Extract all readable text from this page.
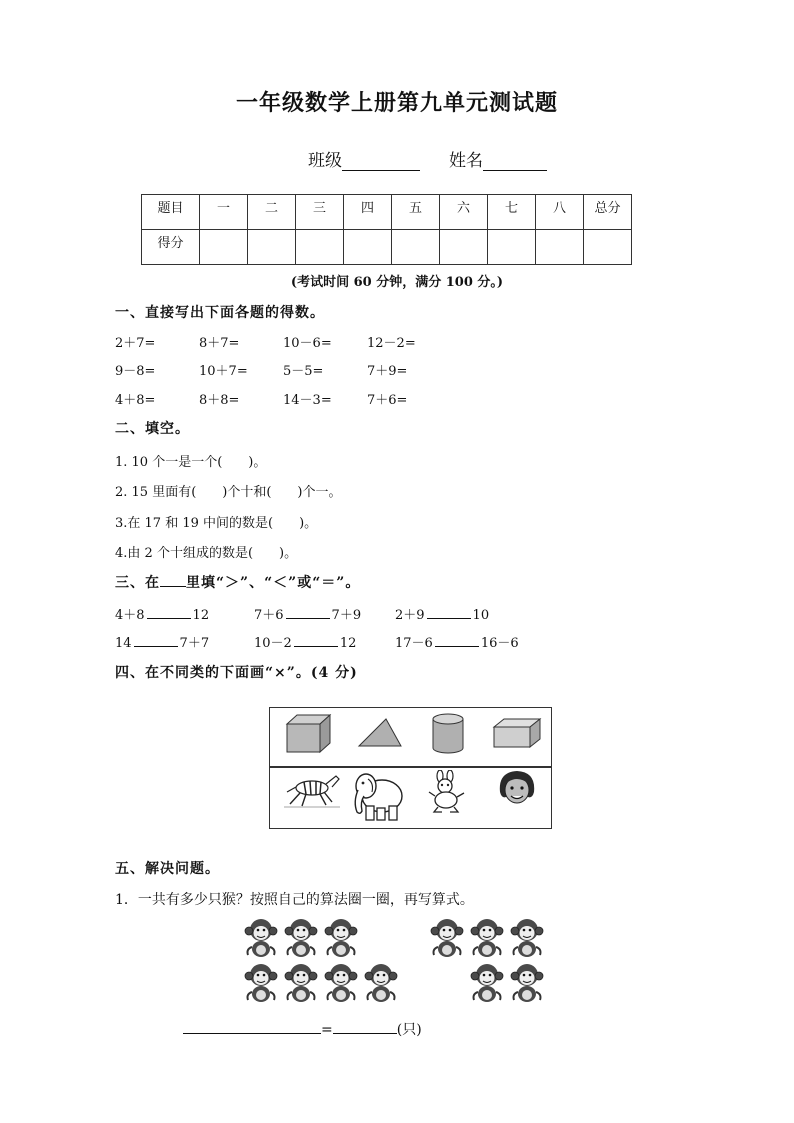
一年级数学上册第九单元测试题
班级	姓名
题目	一	二	三	四	五	六	七	八	总分
得分									
(考试时间 60 分钟，满分 100 分。)
一、直接写出下面各题的得数。
2＋7=	8＋7=	10－6=	12－2=
9－8=	10＋7=	5－5=	7＋9=
4＋8=	8＋8=	14－3=	7＋6=
二、填空。
1. 10 个一是一个(　　)。
2. 15 里面有(　　)个十和(　　)个一。
3.在 17 和 19 中间的数是(　　)。
4.由 2 个十组成的数是(　　)。
三、在 里填“＞”、“＜”或“＝”。
4＋8	12	7＋6	7＋9	2＋9	10
14	7＋7	10－2	12	17－6	16－6
四、在不同类的下面画“×”。(4 分)
五、解决问题。
1．一共有多少只猴？按照自己的算法圈一圈，再写算式。
=	(只)
